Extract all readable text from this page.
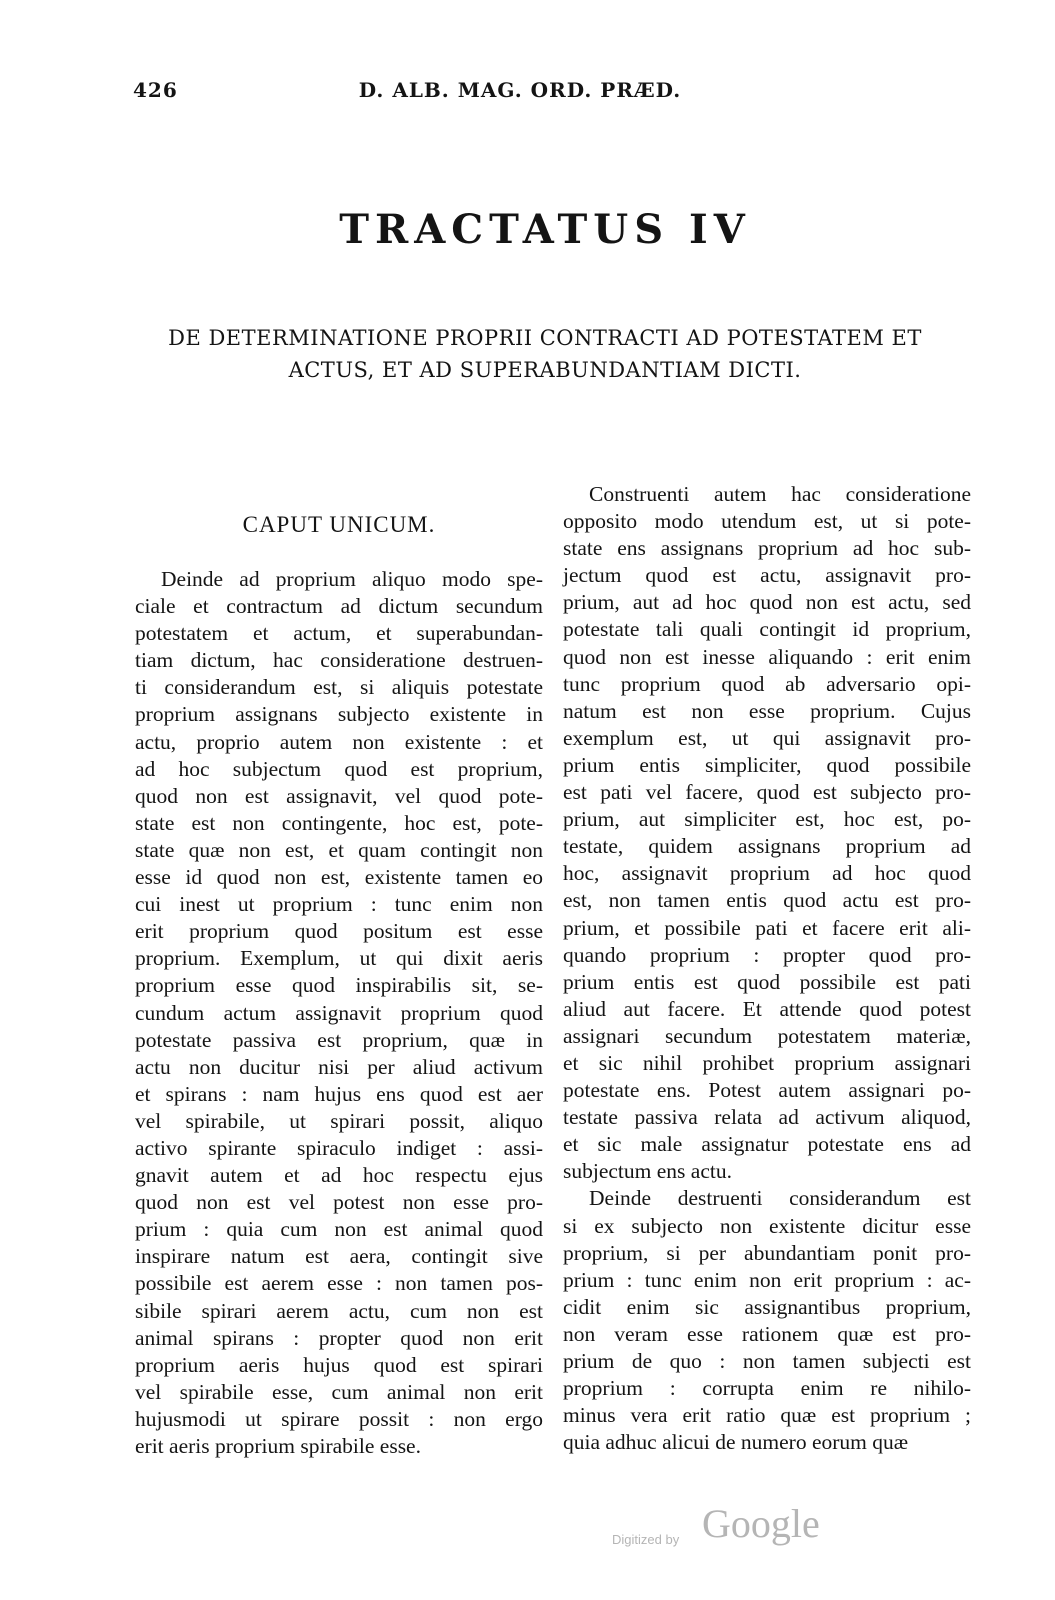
426	D. ALB. MAG. ORD. PRÆD.
TRACTATUS IV
DE DETERMINATIONE PROPRII CONTRACTI AD POTESTATEM ET
ACTUS, ET AD SUPERABUNDANTIAM DICTI.
CAPUT UNICUM.
Deinde ad proprium aliquo modo spe-
ciale et contractum ad dictum secundum
potestatem et actum, et superabundan-
tiam dictum, hac consideratione destruen-
ti considerandum est, si aliquis potestate
proprium assignans subjecto existente in
actu, proprio autem non existente : et
ad hoc subjectum quod est proprium,
quod non est assignavit, vel quod pote-
state est non contingente, hoc est, pote-
state quæ non est, et quam contingit non
esse id quod non est, existente tamen eo
cui inest ut proprium : tunc enim non
erit proprium quod positum est esse
proprium. Exemplum, ut qui dixit aeris
proprium esse quod inspirabilis sit, se-
cundum actum assignavit proprium quod
potestate passiva est proprium, quæ in
actu non ducitur nisi per aliud activum
et spirans : nam hujus ens quod est aer
vel spirabile, ut spirari possit, aliquo
activo spirante spiraculo indiget : assi-
gnavit autem et ad hoc respectu ejus
quod non est vel potest non esse pro-
prium : quia cum non est animal quod
inspirare natum est aera, contingit sive
possibile est aerem esse : non tamen pos-
sibile spirari aerem actu, cum non est
animal spirans : propter quod non erit
proprium aeris hujus quod est spirari
vel spirabile esse, cum animal non erit
hujusmodi ut spirare possit : non ergo
erit aeris proprium spirabile esse.
Construenti autem hac consideratione
opposito modo utendum est, ut si pote-
state ens assignans proprium ad hoc sub-
jectum quod est actu, assignavit pro-
prium, aut ad hoc quod non est actu, sed
potestate tali quali contingit id proprium,
quod non est inesse aliquando : erit enim
tunc proprium quod ab adversario opi-
natum est non esse proprium. Cujus
exemplum est, ut qui assignavit pro-
prium entis simpliciter, quod possibile
est pati vel facere, quod est subjecto pro-
prium, aut simpliciter est, hoc est, po-
testate, quidem assignans proprium ad
hoc, assignavit proprium ad hoc quod
est, non tamen entis quod actu est pro-
prium, et possibile pati et facere erit ali-
quando proprium : propter quod pro-
prium entis est quod possibile est pati
aliud aut facere. Et attende quod potest
assignari secundum potestatem materiæ,
et sic nihil prohibet proprium assignari
potestate ens. Potest autem assignari po-
testate passiva relata ad activum aliquod,
et sic male assignatur potestate ens ad
subjectum ens actu.
Deinde destruenti considerandum est
si ex subjecto non existente dicitur esse
proprium, si per abundantiam ponit pro-
prium : tunc enim non erit proprium : ac-
cidit enim sic assignantibus proprium,
non veram esse rationem quæ est pro-
prium de quo : non tamen subjecti est
proprium : corrupta enim re nihilo-
minus vera erit ratio quæ est proprium ;
quia adhuc alicui de numero eorum quæ
Digitized by Google
